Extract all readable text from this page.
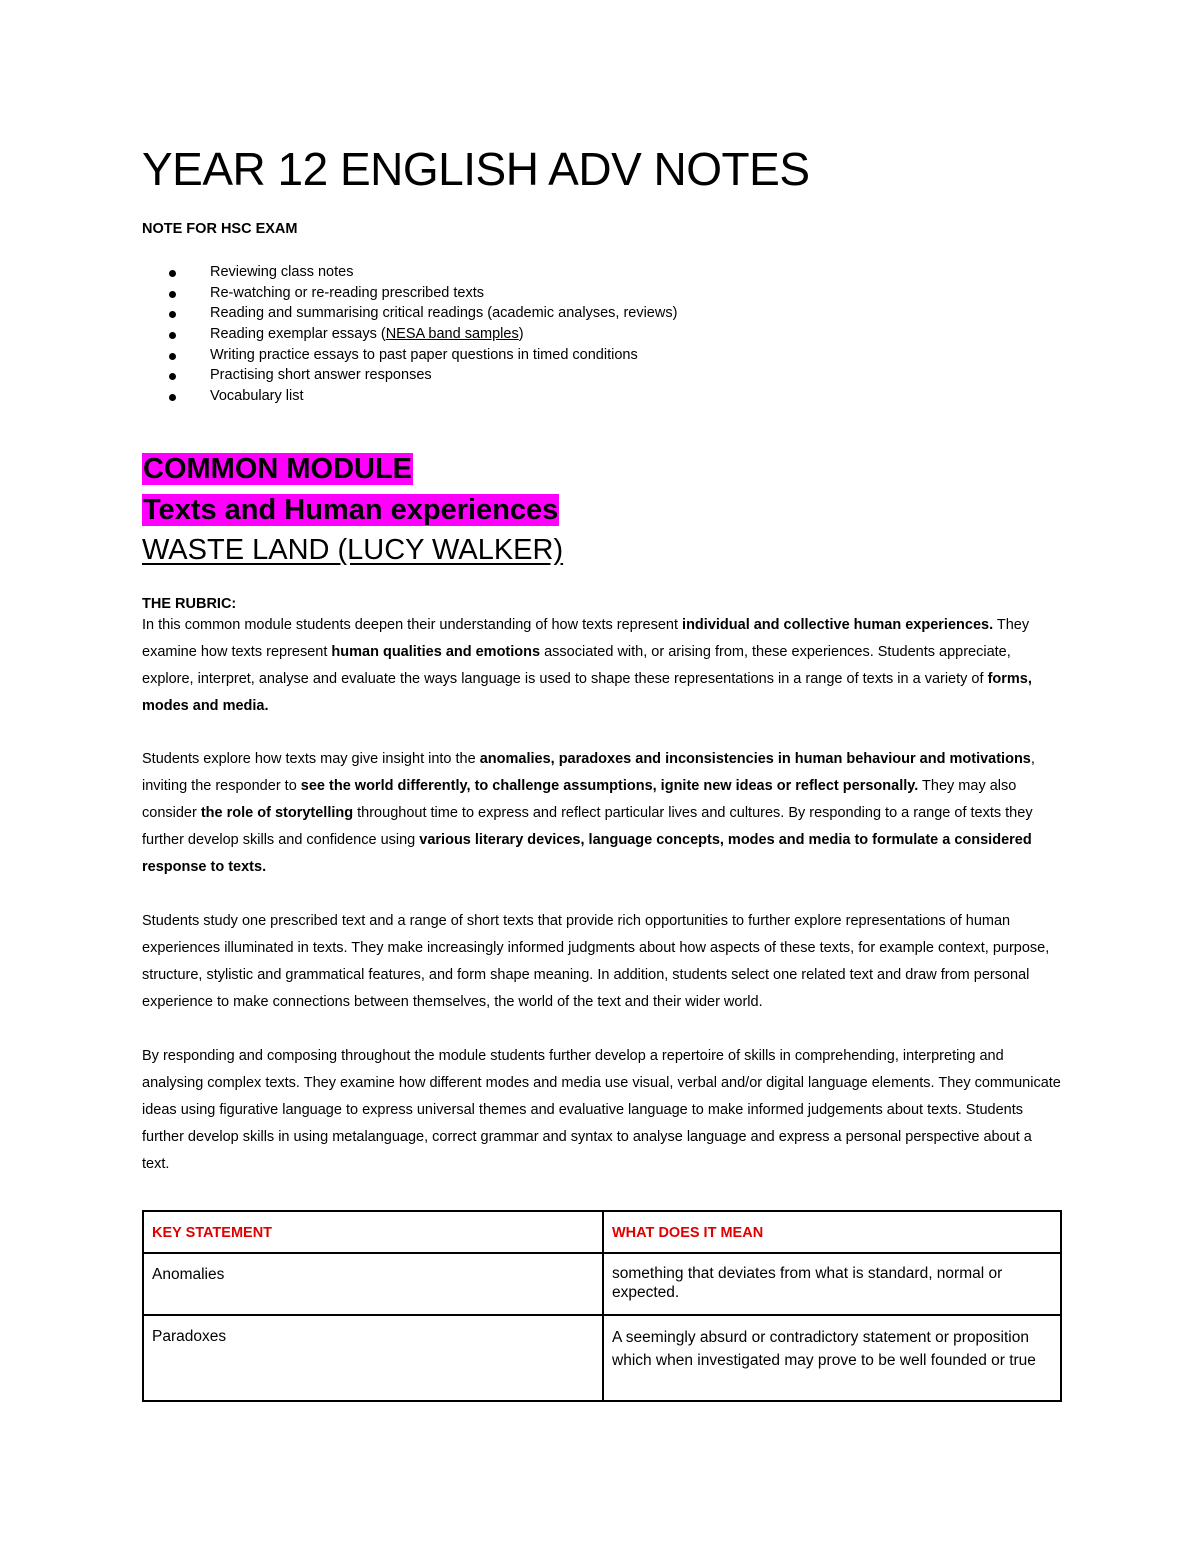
YEAR 12 ENGLISH ADV NOTES

NOTE FOR HSC EXAM

Reviewing class notes
Re-watching or re-reading prescribed texts
Reading and summarising critical readings (academic analyses, reviews)
Reading exemplar essays (NESA band samples)
Writing practice essays to past paper questions in timed conditions
Practising short answer responses
Vocabulary list
COMMON MODULE
Texts and Human experiences
WASTE LAND (LUCY WALKER)

THE RUBRIC:

In this common module students deepen their understanding of how texts represent individual and collective human experiences. They examine how texts represent human qualities and emotions associated with, or arising from, these experiences. Students appreciate, explore, interpret, analyse and evaluate the ways language is used to shape these representations in a range of texts in a variety of forms, modes and media.

Students explore how texts may give insight into the anomalies, paradoxes and inconsistencies in human behaviour and motivations, inviting the responder to see the world differently, to challenge assumptions, ignite new ideas or reflect personally. They may also consider the role of storytelling throughout time to express and reflect particular lives and cultures. By responding to a range of texts they further develop skills and confidence using various literary devices, language concepts, modes and media to formulate a considered response to texts.

Students study one prescribed text and a range of short texts that provide rich opportunities to further explore representations of human experiences illuminated in texts. They make increasingly informed judgments about how aspects of these texts, for example context, purpose, structure, stylistic and grammatical features, and form shape meaning. In addition, students select one related text and draw from personal experience to make connections between themselves, the world of the text and their wider world.

By responding and composing throughout the module students further develop a repertoire of skills in comprehending, interpreting and analysing complex texts. They examine how different modes and media use visual, verbal and/or digital language elements. They communicate ideas using figurative language to express universal themes and evaluative language to make informed judgements about texts. Students further develop skills in using metalanguage, correct grammar and syntax to analyse language and express a personal perspective about a text.

KEY STATEMENT	WHAT DOES IT MEAN
Anomalies	something that deviates from what is standard, normal or expected.
Paradoxes	A seemingly absurd or contradictory statement or proposition which when investigated may prove to be well founded or true
